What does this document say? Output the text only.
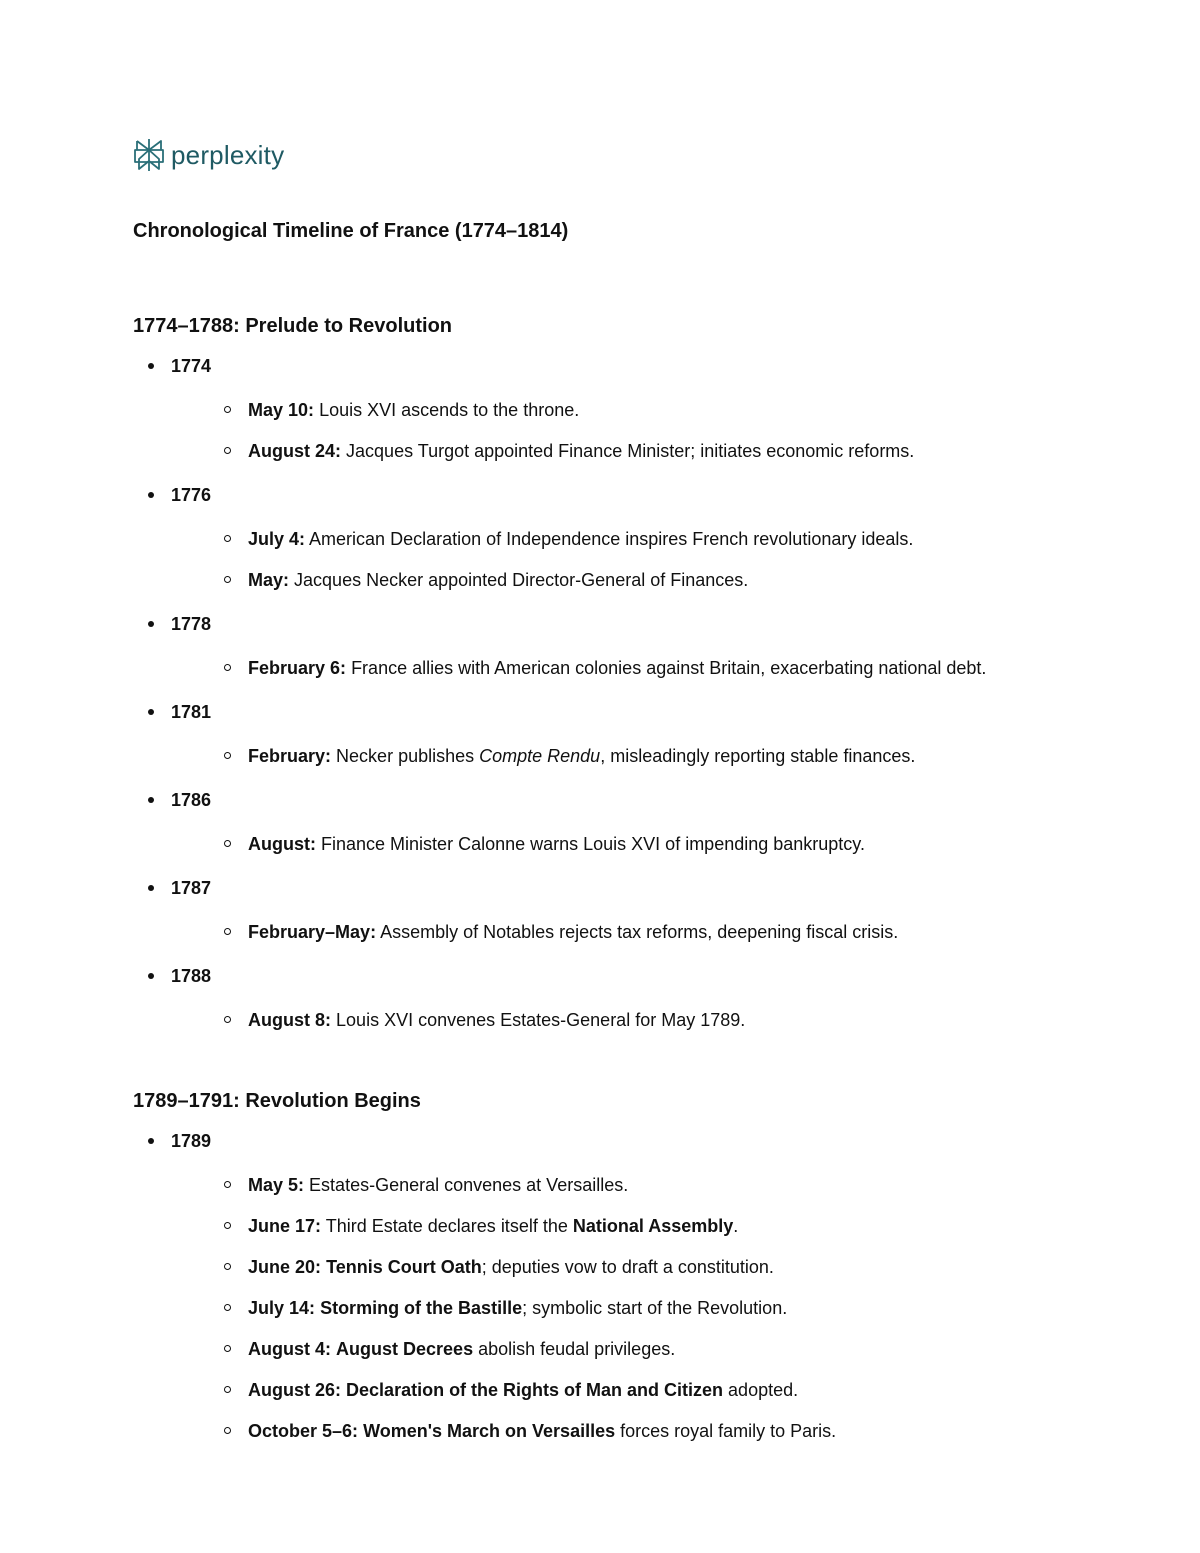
perplexity
Chronological Timeline of France (1774–1814)
1774–1788: Prelude to Revolution
1774
May 10: Louis XVI ascends to the throne.
August 24: Jacques Turgot appointed Finance Minister; initiates economic reforms.
1776
July 4: American Declaration of Independence inspires French revolutionary ideals.
May: Jacques Necker appointed Director-General of Finances.
1778
February 6: France allies with American colonies against Britain, exacerbating national debt.
1781
February: Necker publishes Compte Rendu, misleadingly reporting stable finances.
1786
August: Finance Minister Calonne warns Louis XVI of impending bankruptcy.
1787
February–May: Assembly of Notables rejects tax reforms, deepening fiscal crisis.
1788
August 8: Louis XVI convenes Estates-General for May 1789.
1789–1791: Revolution Begins
1789
May 5: Estates-General convenes at Versailles.
June 17: Third Estate declares itself the National Assembly.
June 20: Tennis Court Oath; deputies vow to draft a constitution.
July 14: Storming of the Bastille; symbolic start of the Revolution.
August 4: August Decrees abolish feudal privileges.
August 26: Declaration of the Rights of Man and Citizen adopted.
October 5–6: Women's March on Versailles forces royal family to Paris.
